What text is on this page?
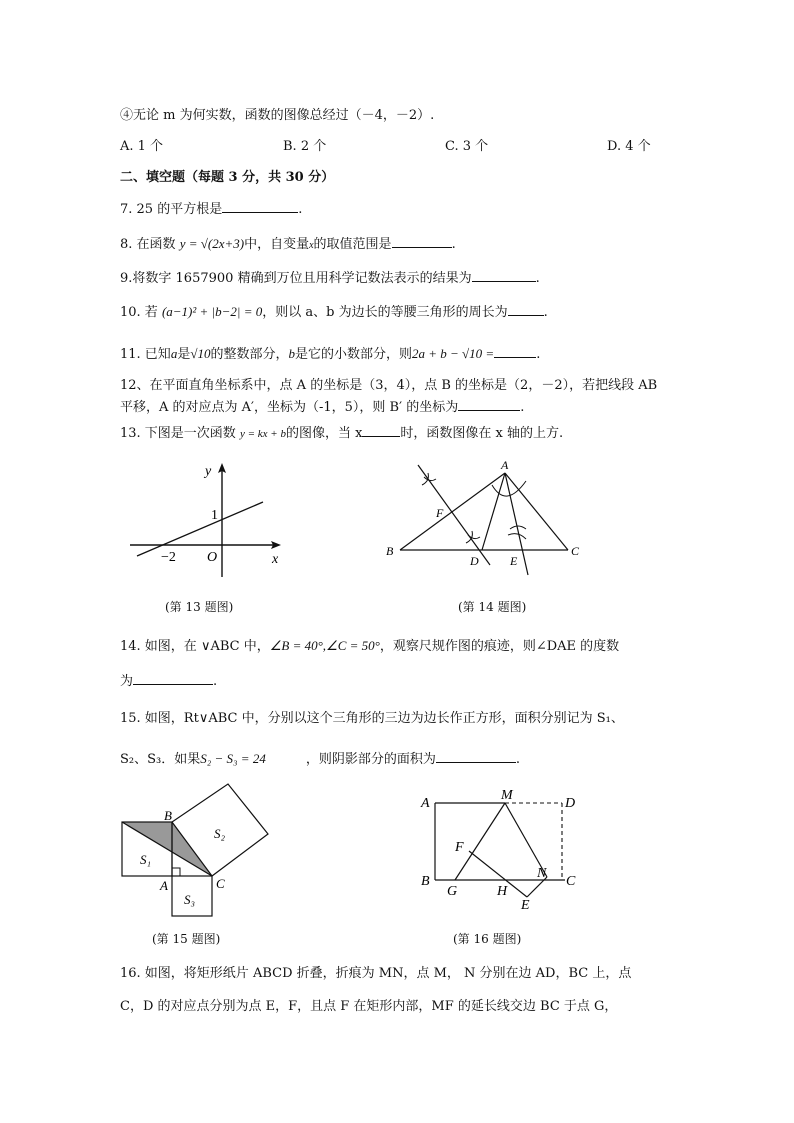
④无论 m 为何实数，函数的图像总经过（－4，－2）.
A. 1 个	B. 2 个	C. 3 个	D. 4 个
二、填空题（每题 3 分，共 30 分）
7. 25 的平方根是	.
8. 在函数 y = √(2x+3)中，自变量x的取值范围是	.
9.将数字 1657900 精确到万位且用科学记数法表示的结果为	.
10. 若 (a−1)² + |b−2| = 0，则以 a、b 为边长的等腰三角形的周长为	.
11. 已知a是√10的整数部分，b是它的小数部分，则2a + b − √10 =	.
12、在平面直角坐标系中，点 A 的坐标是（3，4），点 B 的坐标是（2，－2），若把线段 AB
平移，A 的对应点为 A′，坐标为（-1，5），则 B′ 的坐标为	.
13. 下图是一次函数 y = kx + b的图像，当 x	时，函数图像在 x 轴的上方.
y
x
1
−2 O
(第 13 题图)
A
F
B
D	E
C
(第 14 题图)
14. 如图，在 ∨ABC 中，∠B = 40°,∠C = 50°，观察尺规作图的痕迹，则∠DAE 的度数
为	.
15. 如图，Rt∨ABC 中，分别以这个三角形的三边为边长作正方形，面积分别记为 S₁、
S₂、S₃．如果S₂ − S₃ = 24	，则阴影部分的面积为	.
B
S₂
S₁
A	C
S₃
(第 15 题图)
A
M
D
F
B
G	H
N
C
E
(第 16 题图)
16. 如图，将矩形纸片 ABCD 折叠，折痕为 MN，点 M， N 分别在边 AD，BC 上，点
C，D 的对应点分别为点 E，F，且点 F 在矩形内部，MF 的延长线交边 BC 于点 G，
